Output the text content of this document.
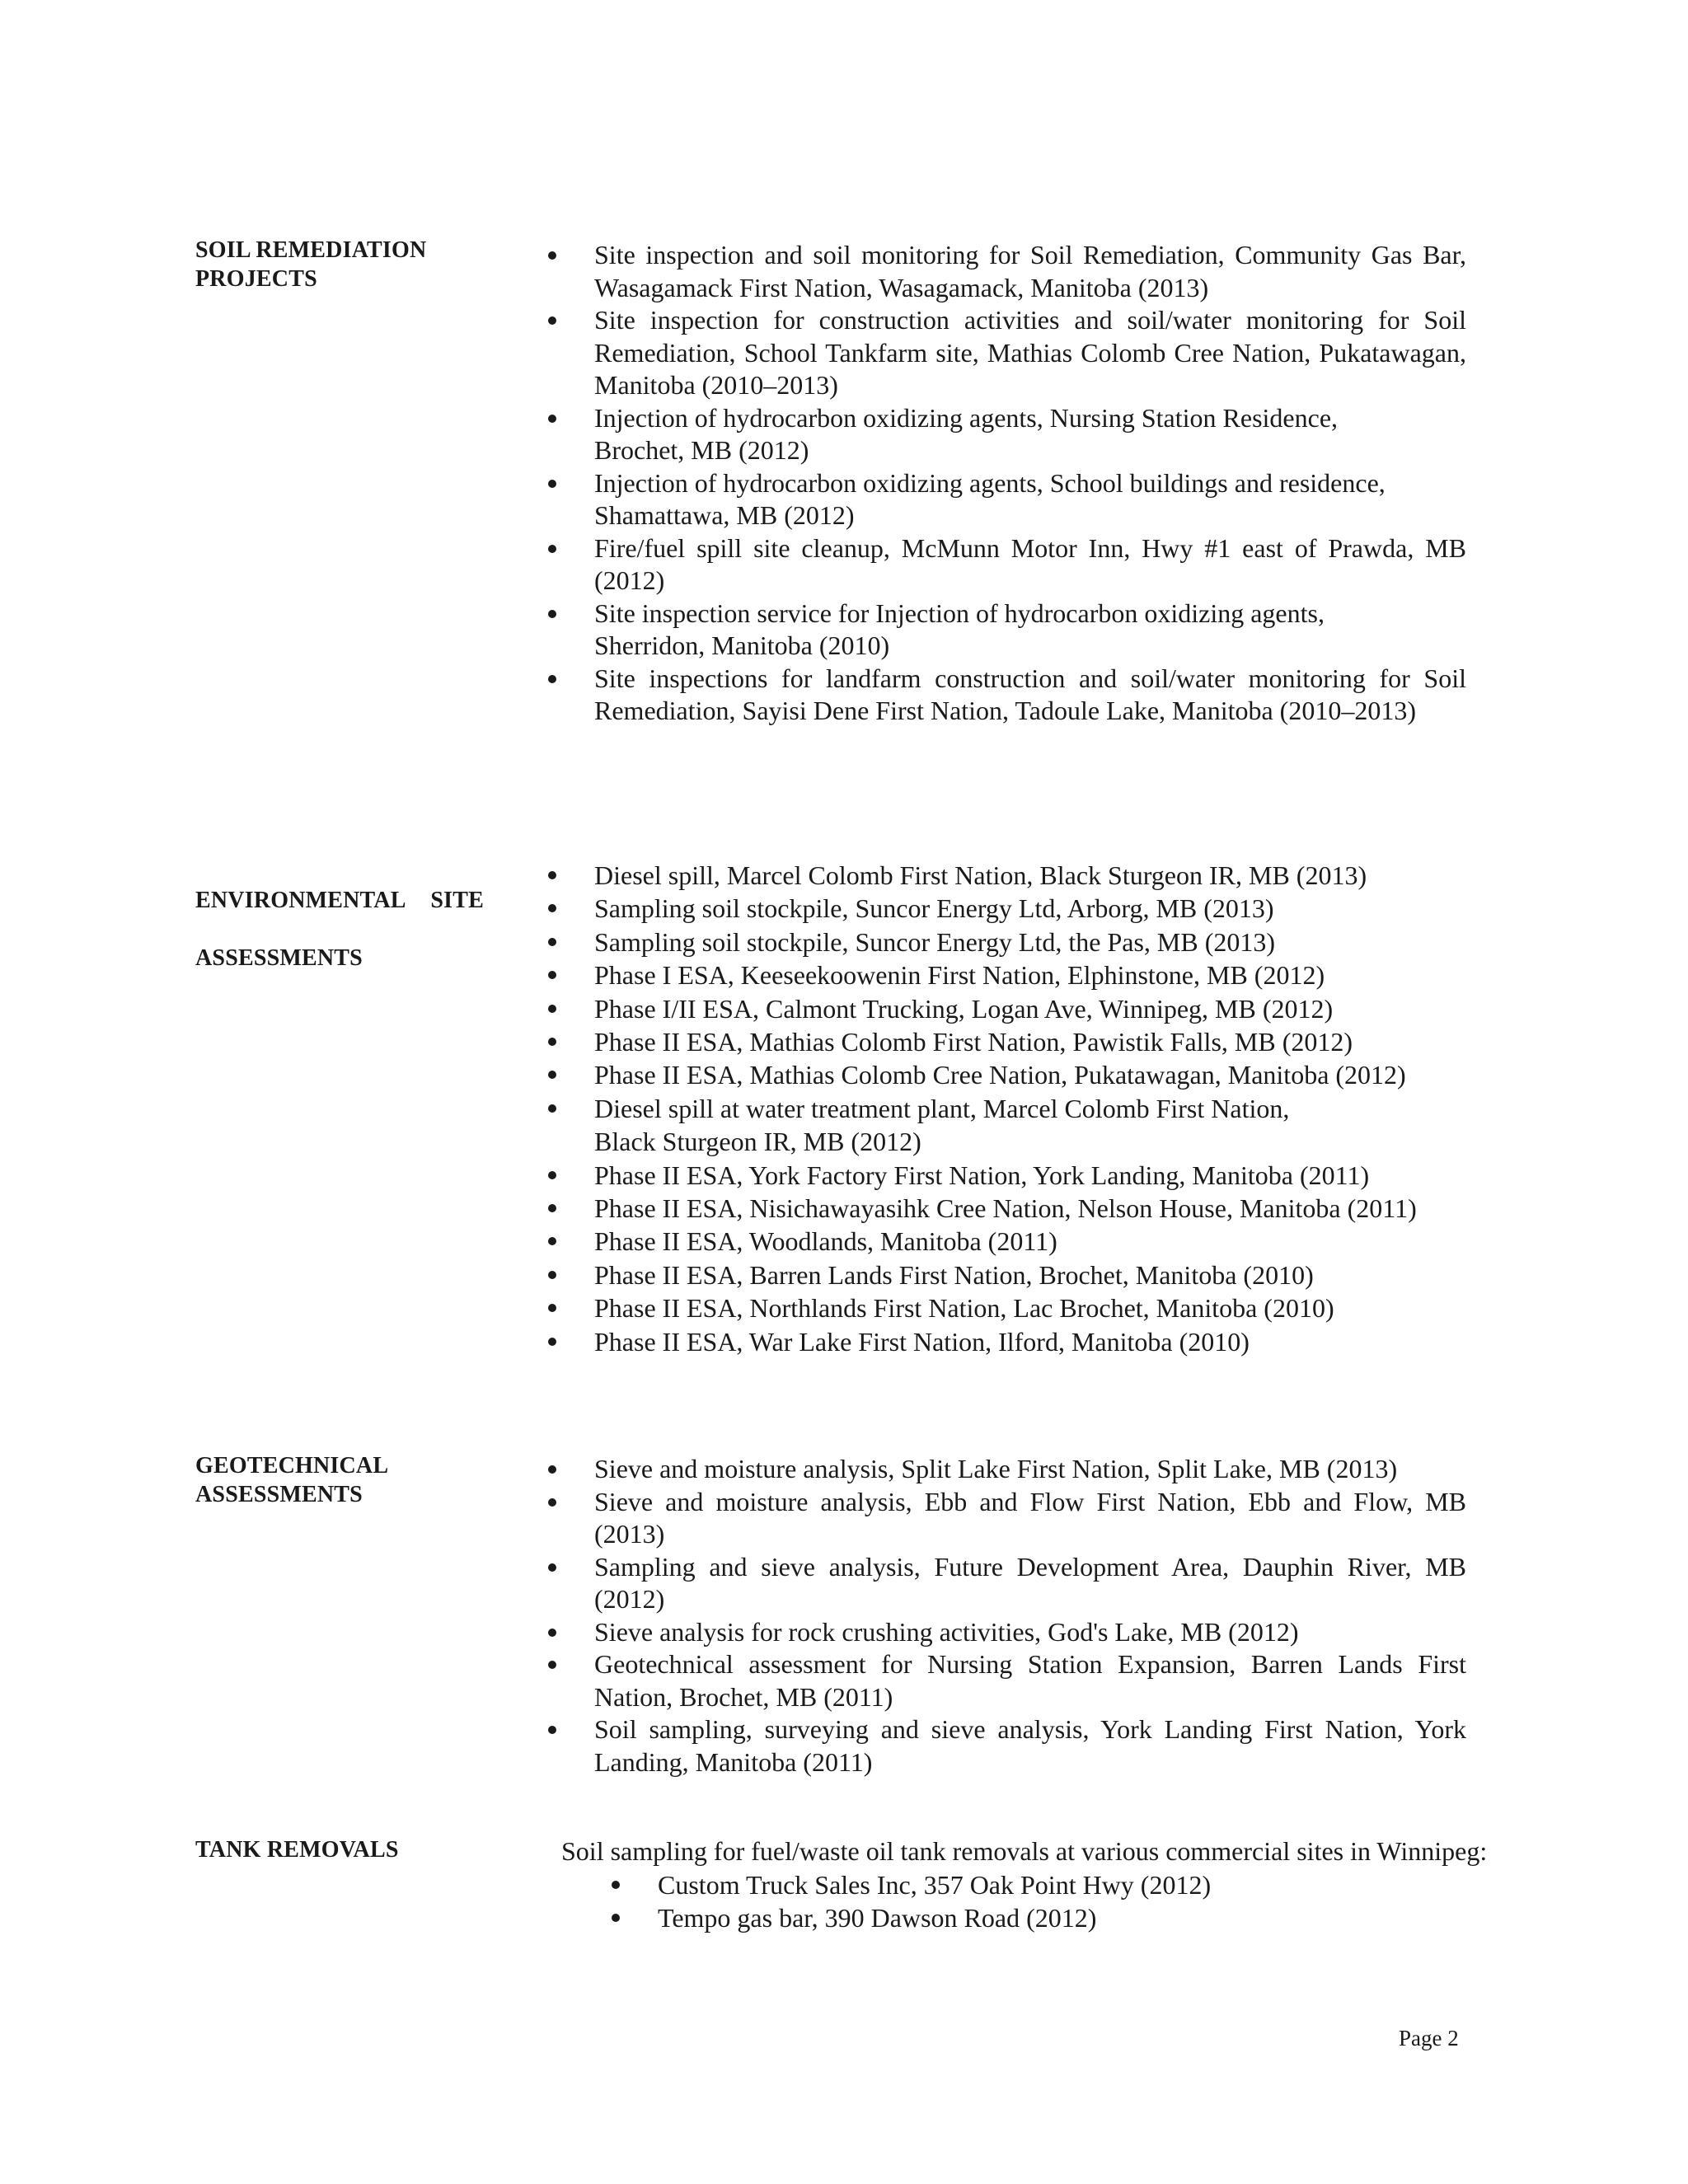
SOIL REMEDIATION
PROJECTS
Site inspection and soil monitoring for Soil Remediation, Community Gas Bar, Wasagamack First Nation, Wasagamack, Manitoba (2013)
Site inspection for construction activities and soil/water monitoring for Soil Remediation, School Tankfarm site, Mathias Colomb Cree Nation, Pukatawagan, Manitoba (2010–2013)
Injection of hydrocarbon oxidizing agents, Nursing Station Residence, Brochet, MB (2012)
Injection of hydrocarbon oxidizing agents, School buildings and residence, Shamattawa, MB (2012)
Fire/fuel spill site cleanup, McMunn Motor Inn, Hwy #1 east of Prawda, MB (2012)
Site inspection service for Injection of hydrocarbon oxidizing agents, Sherridon, Manitoba (2010)
Site inspections for landfarm construction and soil/water monitoring for Soil Remediation, Sayisi Dene First Nation, Tadoule Lake, Manitoba (2010–2013)

ENVIRONMENTAL SITE

ASSESSMENTS

Diesel spill, Marcel Colomb First Nation, Black Sturgeon IR, MB (2013)
Sampling soil stockpile, Suncor Energy Ltd, Arborg, MB (2013)
Sampling soil stockpile, Suncor Energy Ltd, the Pas, MB (2013)
Phase I ESA, Keeseekoowenin First Nation, Elphinstone, MB (2012)
Phase I/II ESA, Calmont Trucking, Logan Ave, Winnipeg, MB (2012)
Phase II ESA, Mathias Colomb First Nation, Pawistik Falls, MB (2012)
Phase II ESA, Mathias Colomb Cree Nation, Pukatawagan, Manitoba (2012)
Diesel spill at water treatment plant, Marcel Colomb First Nation,
Black Sturgeon IR, MB (2012)
Phase II ESA, York Factory First Nation, York Landing, Manitoba (2011)
Phase II ESA, Nisichawayasihk Cree Nation, Nelson House, Manitoba (2011)
Phase II ESA, Woodlands, Manitoba (2011)
Phase II ESA, Barren Lands First Nation, Brochet, Manitoba (2010)
Phase II ESA, Northlands First Nation, Lac Brochet, Manitoba (2010)
Phase II ESA, War Lake First Nation, Ilford, Manitoba (2010)
GEOTECHNICAL
ASSESSMENTS
Sieve and moisture analysis, Split Lake First Nation, Split Lake, MB (2013)
Sieve and moisture analysis, Ebb and Flow First Nation, Ebb and Flow, MB (2013)
Sampling and sieve analysis, Future Development Area, Dauphin River, MB (2012)
Sieve analysis for rock crushing activities, God's Lake, MB (2012)
Geotechnical assessment for Nursing Station Expansion, Barren Lands First Nation, Brochet, MB (2011)
Soil sampling, surveying and sieve analysis, York Landing First Nation, York Landing, Manitoba (2011)
TANK REMOVALS	Soil sampling for fuel/waste oil tank removals at various commercial sites in Winnipeg:
Custom Truck Sales Inc, 357 Oak Point Hwy (2012)
Tempo gas bar, 390 Dawson Road (2012)
Page 2
